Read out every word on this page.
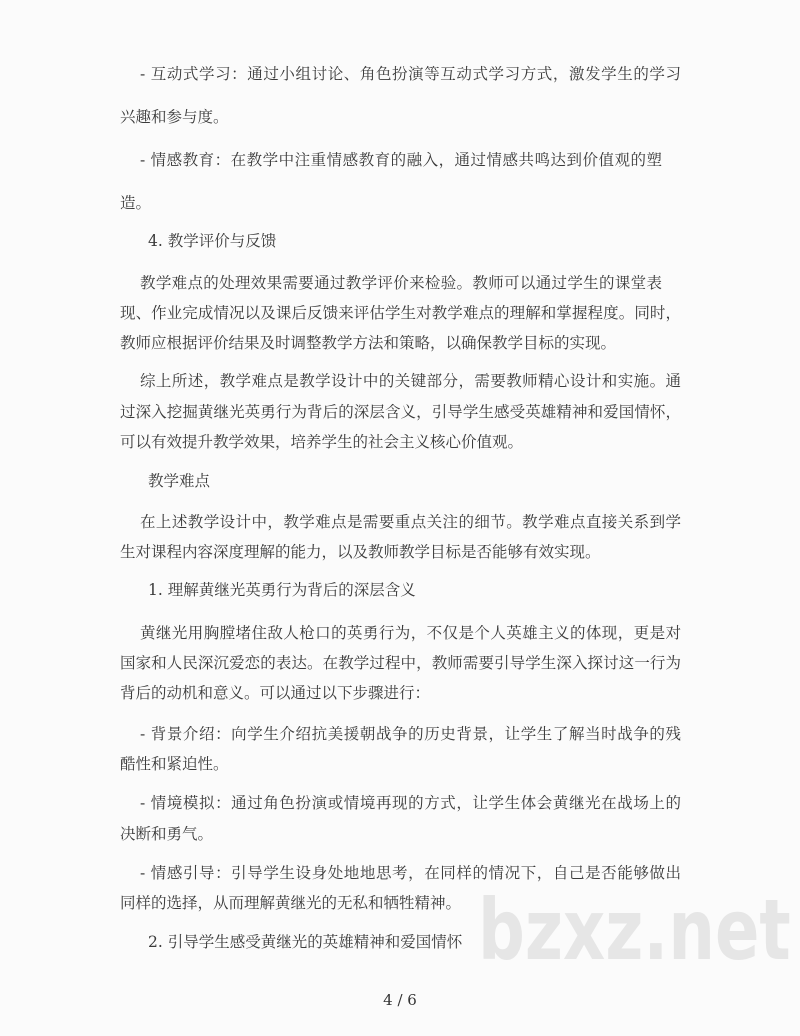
- 互动式学习：通过小组讨论、角色扮演等互动式学习方式，激发学生的学习
兴趣和参与度。
- 情感教育：在教学中注重情感教育的融入，通过情感共鸣达到价值观的塑
造。
4. 教学评价与反馈
教学难点的处理效果需要通过教学评价来检验。教师可以通过学生的课堂表
现、作业完成情况以及课后反馈来评估学生对教学难点的理解和掌握程度。同时，
教师应根据评价结果及时调整教学方法和策略，以确保教学目标的实现。
综上所述，教学难点是教学设计中的关键部分，需要教师精心设计和实施。通
过深入挖掘黄继光英勇行为背后的深层含义，引导学生感受英雄精神和爱国情怀，
可以有效提升教学效果，培养学生的社会主义核心价值观。
教学难点
在上述教学设计中，教学难点是需要重点关注的细节。教学难点直接关系到学
生对课程内容深度理解的能力，以及教师教学目标是否能够有效实现。
1. 理解黄继光英勇行为背后的深层含义
黄继光用胸膛堵住敌人枪口的英勇行为，不仅是个人英雄主义的体现，更是对
国家和人民深沉爱恋的表达。在教学过程中，教师需要引导学生深入探讨这一行为
背后的动机和意义。可以通过以下步骤进行：
- 背景介绍：向学生介绍抗美援朝战争的历史背景，让学生了解当时战争的残
酷性和紧迫性。
- 情境模拟：通过角色扮演或情境再现的方式，让学生体会黄继光在战场上的
决断和勇气。
- 情感引导：引导学生设身处地地思考，在同样的情况下，自己是否能够做出
同样的选择，从而理解黄继光的无私和牺牲精神。 bzxz.net
2. 引导学生感受黄继光的英雄精神和爱国情怀
4 / 6
